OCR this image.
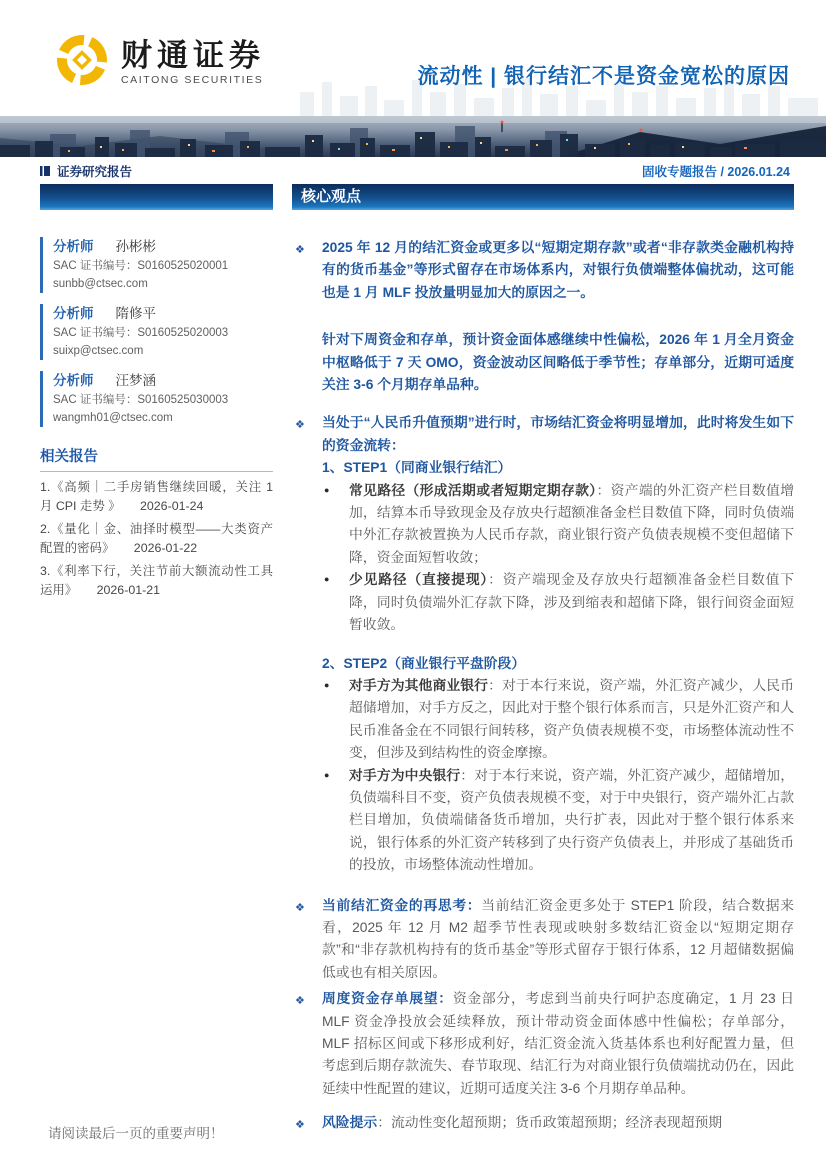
财通证券
CAITONG SECURITIES	流动性 | 银行结汇不是资金宽松的原因
证券研究报告	固收专题报告 / 2026.01.24
分析师 孙彬彬
SAC 证书编号：S0160525020001
sunbb@ctsec.com
分析师 隋修平
SAC 证书编号：S0160525020003
suixp@ctsec.com
分析师 汪梦涵
SAC 证书编号：S0160525030003
wangmh01@ctsec.com
相关报告
1.《高频｜二手房销售继续回暖，关注 1 月 CPI 走势 》 2026-01-24
2.《量化｜金、油择时模型——大类资产配置的密码》 2026-01-22
3.《利率下行，关注节前大额流动性工具运用》 2026-01-21
核心观点
❖ 2025 年 12 月的结汇资金或更多以“短期定期存款”或者“非存款类金融机构持有的货币基金”等形式留存在市场体系内，对银行负债端整体偏扰动，这可能也是 1 月 MLF 投放量明显加大的原因之一。

针对下周资金和存单，预计资金面体感继续中性偏松，2026 年 1 月全月资金中枢略低于 7 天 OMO，资金波动区间略低于季节性；存单部分，近期可适度关注 3-6 个月期存单品种。

❖ 当处于“人民币升值预期”进行时，市场结汇资金将明显增加，此时将发生如下的资金流转：

1、STEP1（同商业银行结汇）

● 常见路径（形成活期或者短期定期存款）：资产端的外汇资产栏目数值增加，结算本币导致现金及存放央行超额准备金栏目数值下降，同时负债端中外汇存款被置换为人民币存款，商业银行资产负债表规模不变但超储下降，资金面短暂收敛；

● 少见路径（直接提现）：资产端现金及存放央行超额准备金栏目数值下降，同时负债端外汇存款下降，涉及到缩表和超储下降，银行间资金面短暂收敛。

2、STEP2（商业银行平盘阶段）

● 对手方为其他商业银行：对于本行来说，资产端，外汇资产减少，人民币超储增加，对手方反之，因此对于整个银行体系而言，只是外汇资产和人民币准备金在不同银行间转移，资产负债表规模不变，市场整体流动性不变，但涉及到结构性的资金摩擦。

● 对手方为中央银行：对于本行来说，资产端，外汇资产减少，超储增加，负债端科目不变，资产负债表规模不变，对于中央银行，资产端外汇占款栏目增加，负债端储备货币增加，央行扩表，因此对于整个银行体系来说，银行体系的外汇资产转移到了央行资产负债表上，并形成了基础货币的投放，市场整体流动性增加。

❖ 当前结汇资金的再思考：当前结汇资金更多处于 STEP1 阶段，结合数据来看，2025 年 12 月 M2 超季节性表现或映射多数结汇资金以“短期定期存款”和“非存款机构持有的货币基金”等形式留存于银行体系，12 月超储数据偏低或也有相关原因。

❖ 周度资金存单展望：资金部分，考虑到当前央行呵护态度确定，1 月 23 日 MLF 资金净投放会延续释放，预计带动资金面体感中性偏松；存单部分，MLF 招标区间或下移形成利好，结汇资金流入货基体系也利好配置力量，但考虑到后期存款流失、春节取现、结汇行为对商业银行负债端扰动仍在，因此延续中性配置的建议，近期可适度关注 3-6 个月期存单品种。

❖ 风险提示：流动性变化超预期；货币政策超预期；经济表现超预期

请阅读最后一页的重要声明！
